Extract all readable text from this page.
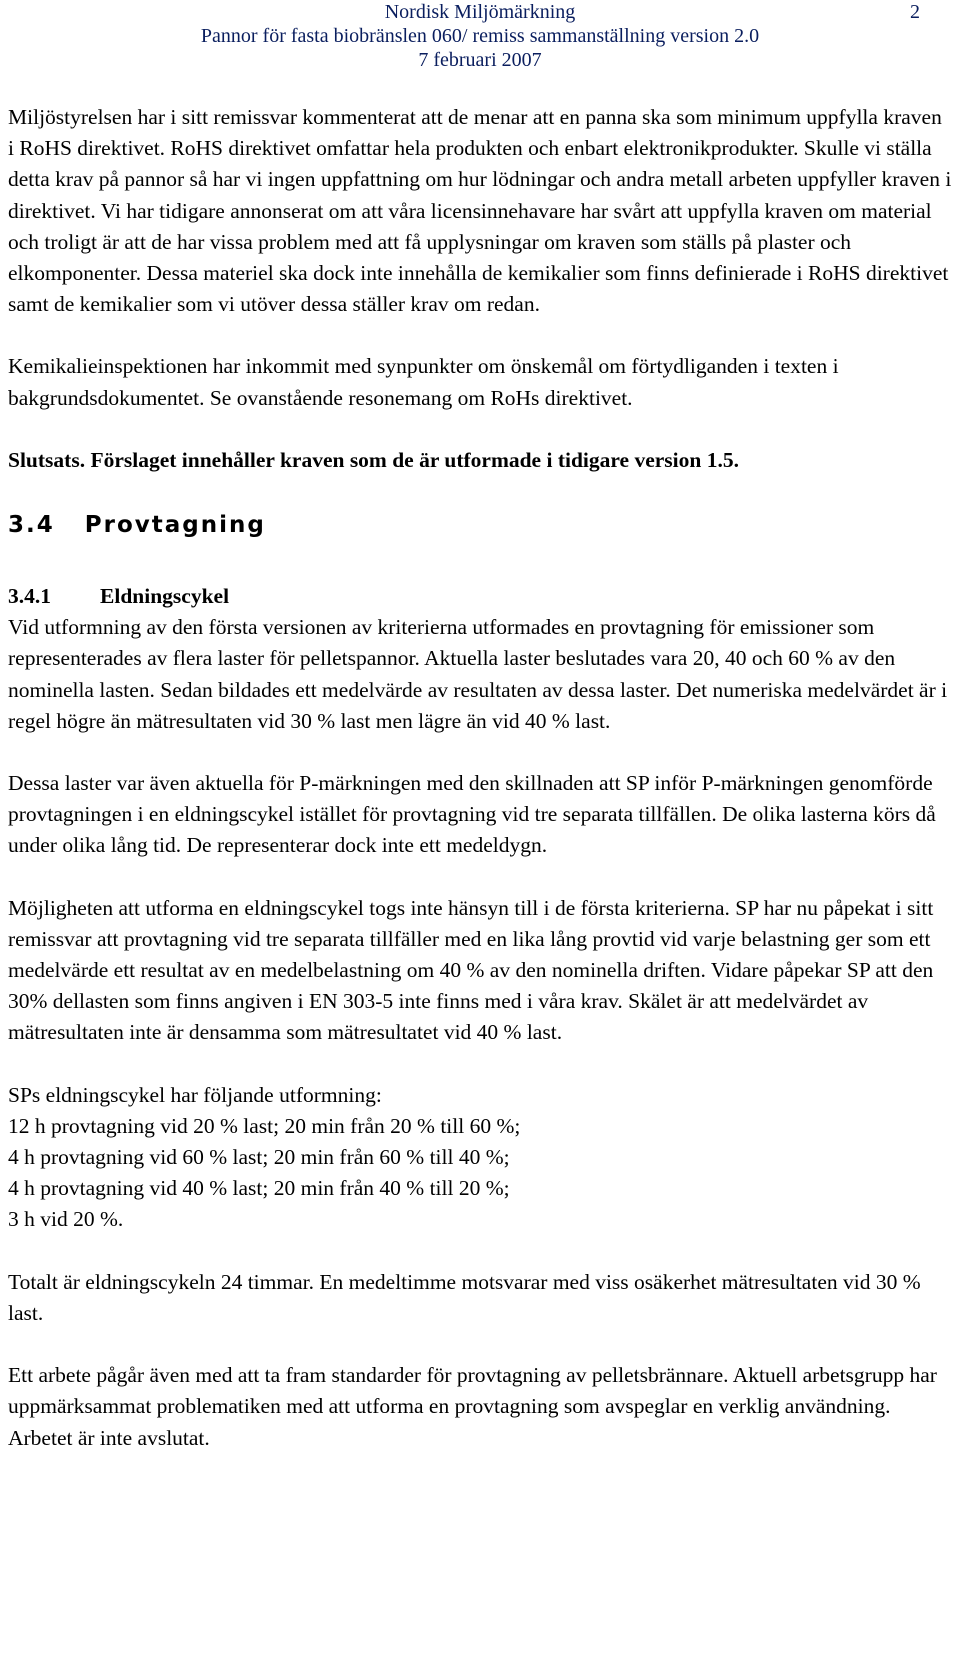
Nordisk Miljömärkning
Pannor för fasta biobränslen 060/ remiss sammanställning version 2.0
7 februari 2007
2

Miljöstyrelsen har i sitt remissvar kommenterat att de menar att en panna ska som minimum uppfylla kraven i RoHS direktivet. RoHS direktivet omfattar hela produkten och enbart elektronikprodukter. Skulle vi ställa detta krav på pannor så har vi ingen uppfattning om hur lödningar och andra metall arbeten uppfyller kraven i direktivet. Vi har tidigare annonserat om att våra licensinnehavare har svårt att uppfylla kraven om material och troligt är att de har vissa problem med att få upplysningar om kraven som ställs på plaster och elkomponenter. Dessa materiel ska dock inte innehålla de kemikalier som finns definierade i RoHS direktivet samt de kemikalier som vi utöver dessa ställer krav om redan.

Kemikalieinspektionen har inkommit med synpunkter om önskemål om förtydliganden i texten i bakgrundsdokumentet. Se ovanstående resonemang om RoHs direktivet.

Slutsats. Förslaget innehåller kraven som de är utformade i tidigare version 1.5.

3.4   Provtagning
3.4.1 Eldningscykel

Vid utformning av den första versionen av kriterierna utformades en provtagning för emissioner som representerades av flera laster för pelletspannor. Aktuella laster beslutades vara 20, 40 och 60 % av den nominella lasten. Sedan bildades ett medelvärde av resultaten av dessa laster. Det numeriska medelvärdet är i regel högre än mätresultaten vid 30 % last men lägre än vid 40 % last.

Dessa laster var även aktuella för P-märkningen med den skillnaden att SP inför P-märkningen genomförde provtagningen i en eldningscykel istället för provtagning vid tre separata tillfällen. De olika lasterna körs då under olika lång tid. De representerar dock inte ett medeldygn.

Möjligheten att utforma en eldningscykel togs inte hänsyn till i de första kriterierna. SP har nu påpekat i sitt remissvar att provtagning vid tre separata tillfäller med en lika lång provtid vid varje belastning ger som ett medelvärde ett resultat av en medelbelastning om 40 % av den nominella driften. Vidare påpekar SP att den 30% dellasten som finns angiven i EN 303-5 inte finns med i våra krav. Skälet är att medelvärdet av mätresultaten inte är densamma som mätresultatet vid 40 % last.

SPs eldningscykel har följande utformning:
12 h provtagning vid 20 % last; 20 min från 20 % till 60 %;
4 h provtagning vid 60 % last; 20 min från 60 % till 40 %;
4 h provtagning vid 40 % last; 20 min från 40 % till 20 %;
3 h vid 20 %.

Totalt är eldningscykeln 24 timmar. En medeltimme motsvarar med viss osäkerhet mätresultaten vid 30 % last.

Ett arbete pågår även med att ta fram standarder för provtagning av pelletsbrännare. Aktuell arbetsgrupp har uppmärksammat problematiken med att utforma en provtagning som avspeglar en verklig användning. Arbetet är inte avslutat.
